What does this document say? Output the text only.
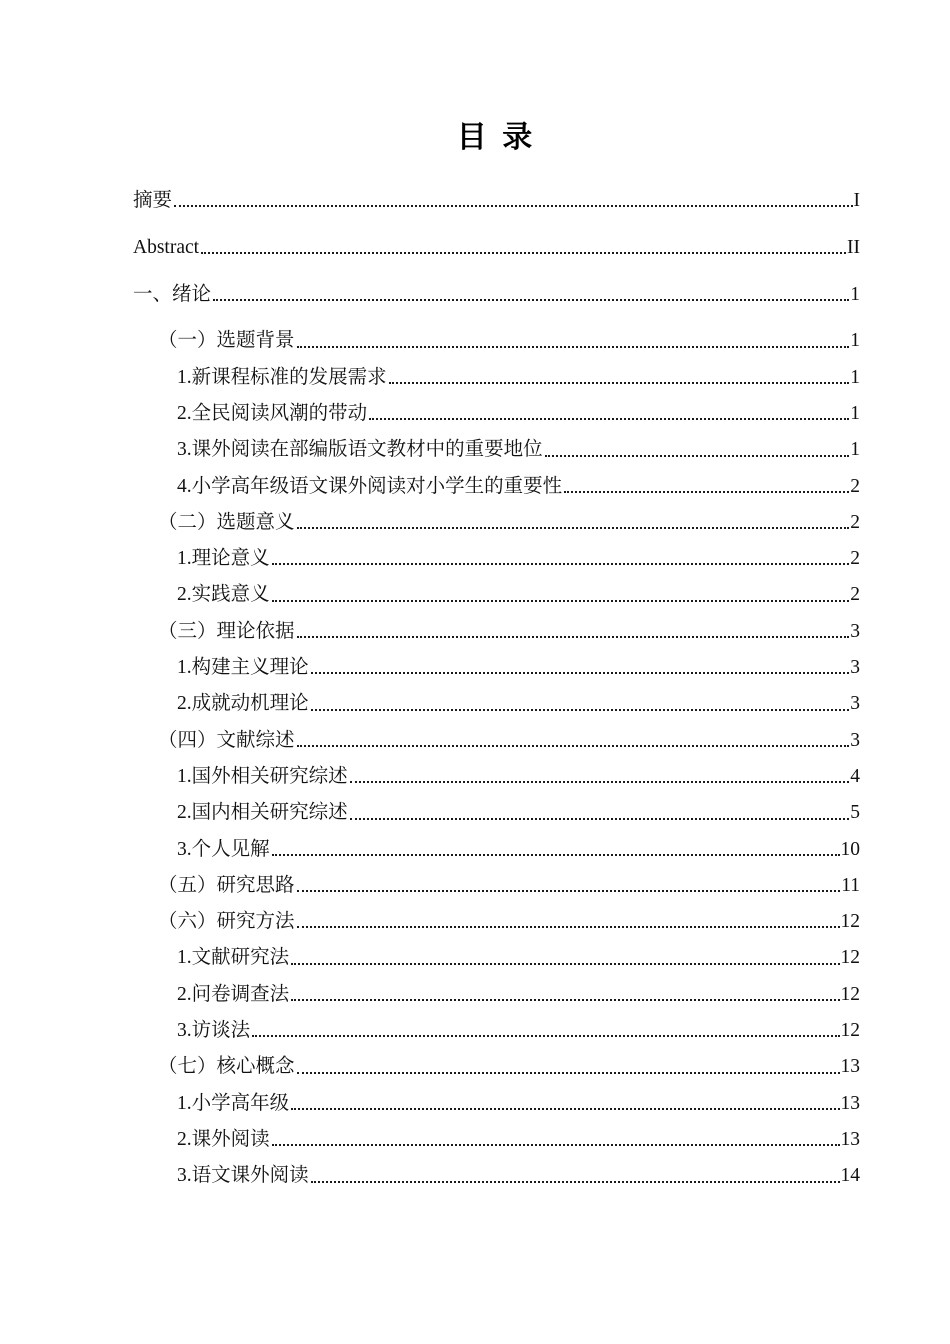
目 录
摘要	I
Abstract	II
一、绪论	1
（一）选题背景	1
1.新课程标准的发展需求	1
2.全民阅读风潮的带动	1
3.课外阅读在部编版语文教材中的重要地位	1
4.小学高年级语文课外阅读对小学生的重要性	2
（二）选题意义	2
1.理论意义	2
2.实践意义	2
（三）理论依据	3
1.构建主义理论	3
2.成就动机理论	3
（四）文献综述	3
1.国外相关研究综述	4
2.国内相关研究综述	5
3.个人见解	10
（五）研究思路	11
（六）研究方法	12
1.文献研究法	12
2.问卷调查法	12
3.访谈法	12
（七）核心概念	13
1.小学高年级	13
2.课外阅读	13
3.语文课外阅读	14
